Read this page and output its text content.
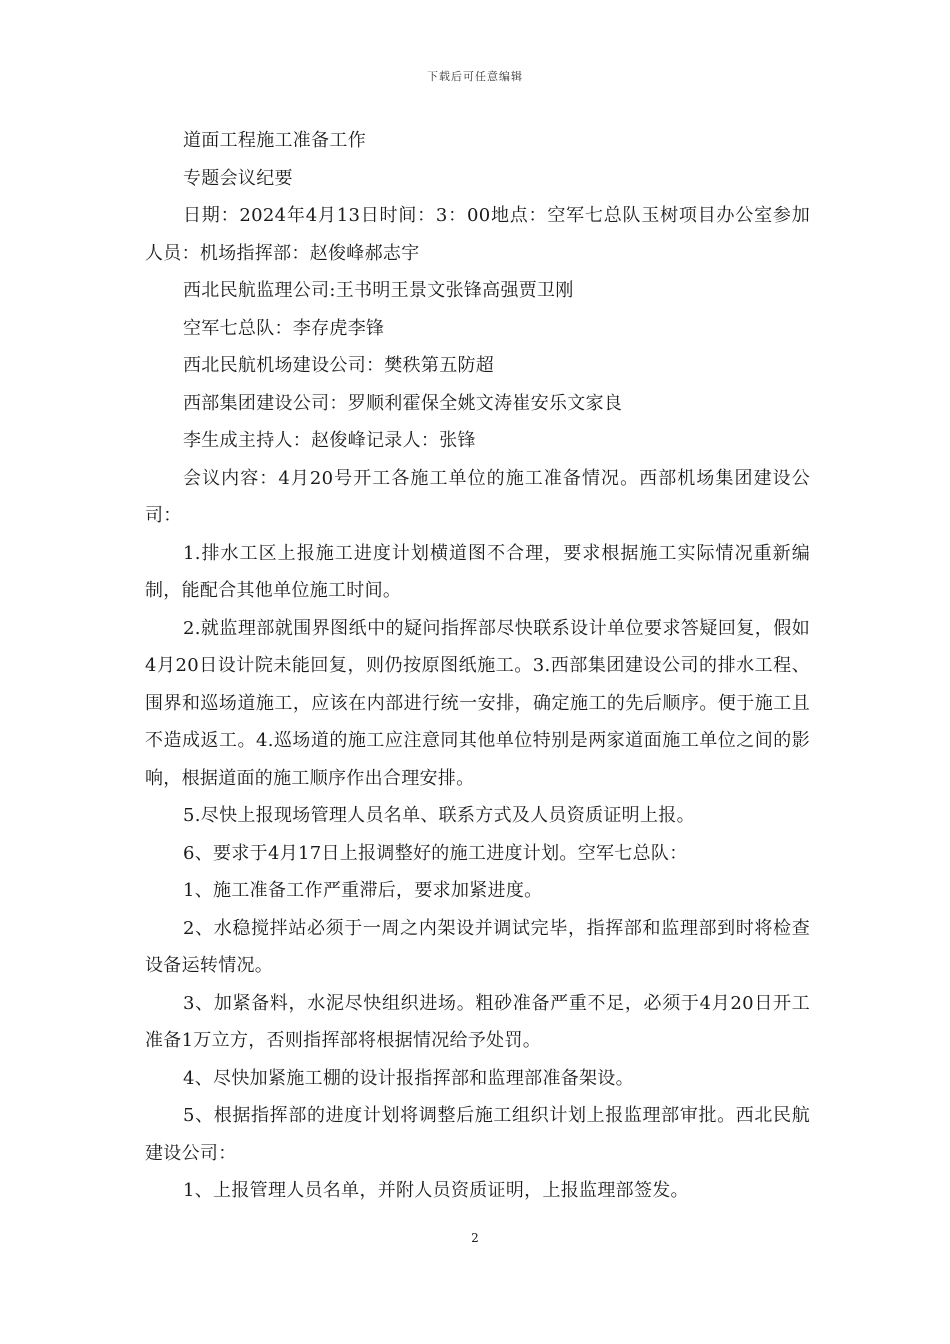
下载后可任意编辑

道面工程施工准备工作

专题会议纪要

日期：2024年4月13日时间：3：00地点：空军七总队玉树项目办公室参加人员：机场指挥部：赵俊峰郝志宇

西北民航监理公司:王书明王景文张锋高强贾卫刚

空军七总队：李存虎李锋

西北民航机场建设公司：樊秩第五防超

西部集团建设公司：罗顺利霍保全姚文涛崔安乐文家良

李生成主持人：赵俊峰记录人：张锋

会议内容：4月20号开工各施工单位的施工准备情况。西部机场集团建设公司：

1.排水工区上报施工进度计划横道图不合理，要求根据施工实际情况重新编制，能配合其他单位施工时间。

2.就监理部就围界图纸中的疑问指挥部尽快联系设计单位要求答疑回复，假如4月20日设计院未能回复，则仍按原图纸施工。3.西部集团建设公司的排水工程、围界和巡场道施工，应该在内部进行统一安排，确定施工的先后顺序。便于施工且不造成返工。4.巡场道的施工应注意同其他单位特别是两家道面施工单位之间的影响，根据道面的施工顺序作出合理安排。

5.尽快上报现场管理人员名单、联系方式及人员资质证明上报。

6、要求于4月17日上报调整好的施工进度计划。空军七总队：

1、施工准备工作严重滞后，要求加紧进度。

2、水稳搅拌站必须于一周之内架设并调试完毕，指挥部和监理部到时将检查设备运转情况。

3、加紧备料，水泥尽快组织进场。粗砂准备严重不足，必须于4月20日开工准备1万立方，否则指挥部将根据情况给予处罚。

4、尽快加紧施工棚的设计报指挥部和监理部准备架设。

5、根据指挥部的进度计划将调整后施工组织计划上报监理部审批。西北民航建设公司：

1、上报管理人员名单，并附人员资质证明，上报监理部签发。

2
